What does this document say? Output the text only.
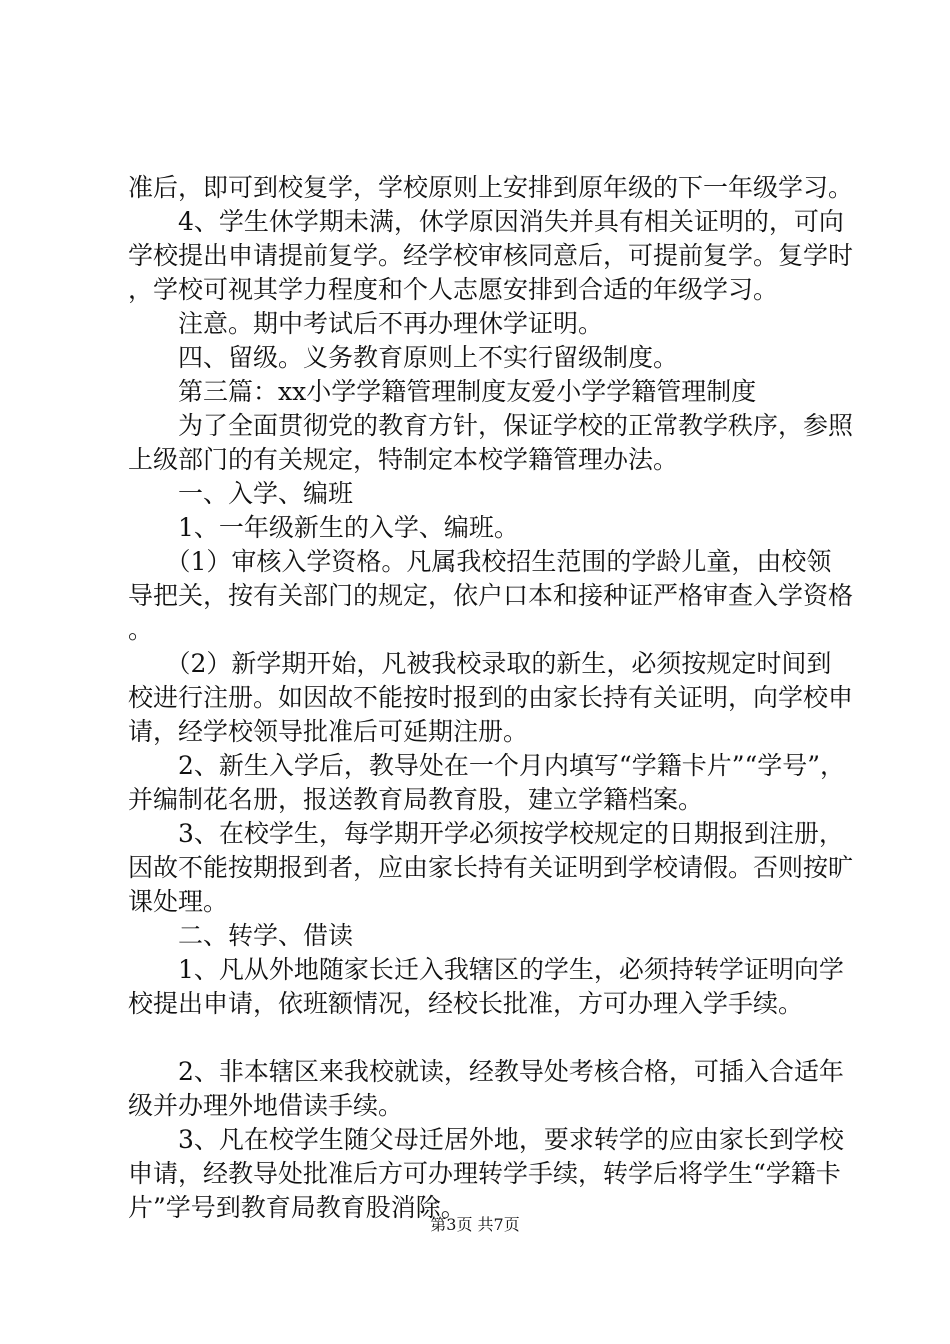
准后，即可到校复学，学校原则上安排到原年级的下一年级学习。

　　4、学生休学期未满，休学原因消失并具有相关证明的，可向学校提出申请提前复学。经学校审核同意后，可提前复学。复学时，学校可视其学力程度和个人志愿安排到合适的年级学习。

　　注意。期中考试后不再办理休学证明。

　　四、留级。义务教育原则上不实行留级制度。

　　第三篇：xx小学学籍管理制度友爱小学学籍管理制度

　　为了全面贯彻党的教育方针，保证学校的正常教学秩序，参照上级部门的有关规定，特制定本校学籍管理办法。

　　一、入学、编班

　　1、一年级新生的入学、编班。

　　（1）审核入学资格。凡属我校招生范围的学龄儿童，由校领导把关，按有关部门的规定，依户口本和接种证严格审查入学资格。

　　（2）新学期开始，凡被我校录取的新生，必须按规定时间到校进行注册。如因故不能按时报到的由家长持有关证明，向学校申请，经学校领导批准后可延期注册。

　　2、新生入学后，教导处在一个月内填写“学籍卡片”“学号”，并编制花名册，报送教育局教育股，建立学籍档案。

　　3、在校学生，每学期开学必须按学校规定的日期报到注册，因故不能按期报到者，应由家长持有关证明到学校请假。否则按旷课处理。

　　二、转学、借读

　　1、凡从外地随家长迁入我辖区的学生，必须持转学证明向学校提出申请，依班额情况，经校长批准，方可办理入学手续。

　　2、非本辖区来我校就读，经教导处考核合格，可插入合适年级并办理外地借读手续。

　　3、凡在校学生随父母迁居外地，要求转学的应由家长到学校申请，经教导处批准后方可办理转学手续，转学后将学生“学籍卡片”学号到教育局教育股消除。

第3页 共7页
